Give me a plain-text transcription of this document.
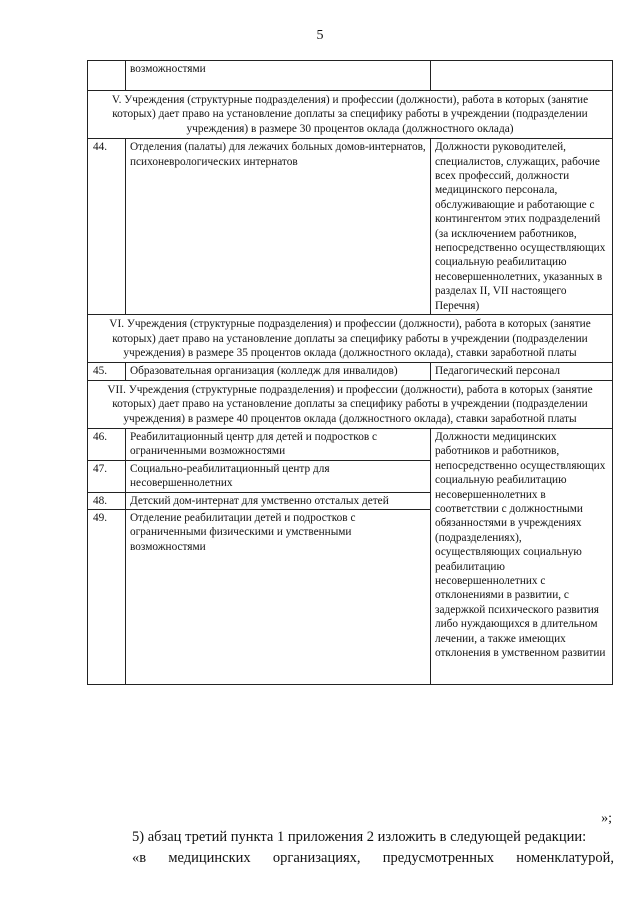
5
	возможностями	
V. Учреждения (структурные подразделения) и профессии (должности), работа в которых (занятие которых) дает право на установление доплаты за специфику работы в учреждении (подразделении учреждения) в размере 30 процентов оклада (должностного оклада)		
44.	Отделения (палаты) для лежачих больных домов-интернатов, психоневрологических интернатов	Должности руководителей, специалистов, служащих, рабочие всех профессий, должности медицинского персонала, обслуживающие и работающие с контингентом этих подразделений (за исключением работников, непосредственно осуществляющих социальную реабилитацию несовершеннолетних, указанных в разделах II, VII настоящего Перечня)
VI. Учреждения (структурные подразделения) и профессии (должности), работа в которых (занятие которых) дает право на установление доплаты за специфику работы в учреждении (подразделении учреждения) в размере 35 процентов оклада (должностного оклада), ставки заработной платы		
45.	Образовательная организация (колледж для инвалидов)	Педагогический персонал
VII. Учреждения (структурные подразделения) и профессии (должности), работа в которых (занятие которых) дает право на установление доплаты за специфику работы в учреждении (подразделении учреждения) в размере 40 процентов оклада (должностного оклада), ставки заработной платы		
46.	Реабилитационный центр для детей и подростков с ограниченными возможностями	Должности медицинских работников и работников, непосредственно осуществляющих социальную реабилитацию несовершеннолетних в соответствии с должностными обязанностями в учреждениях (подразделениях), осуществляющих социальную реабилитацию несовершеннолетних с отклонениями в развитии, с задержкой психического развития либо нуждающихся в длительном лечении, а также имеющих отклонения в умственном развитии
47.	Социально-реабилитационный центр для несовершеннолетних	
48.	Детский дом-интернат для умственно отсталых детей	
49.	Отделение реабилитации детей и подростков с ограниченными физическими и умственными возможностями	
»;
5) абзац третий пункта 1 приложения 2 изложить в следующей редакции:
«в медицинских организациях, предусмотренных номенклатурой,
